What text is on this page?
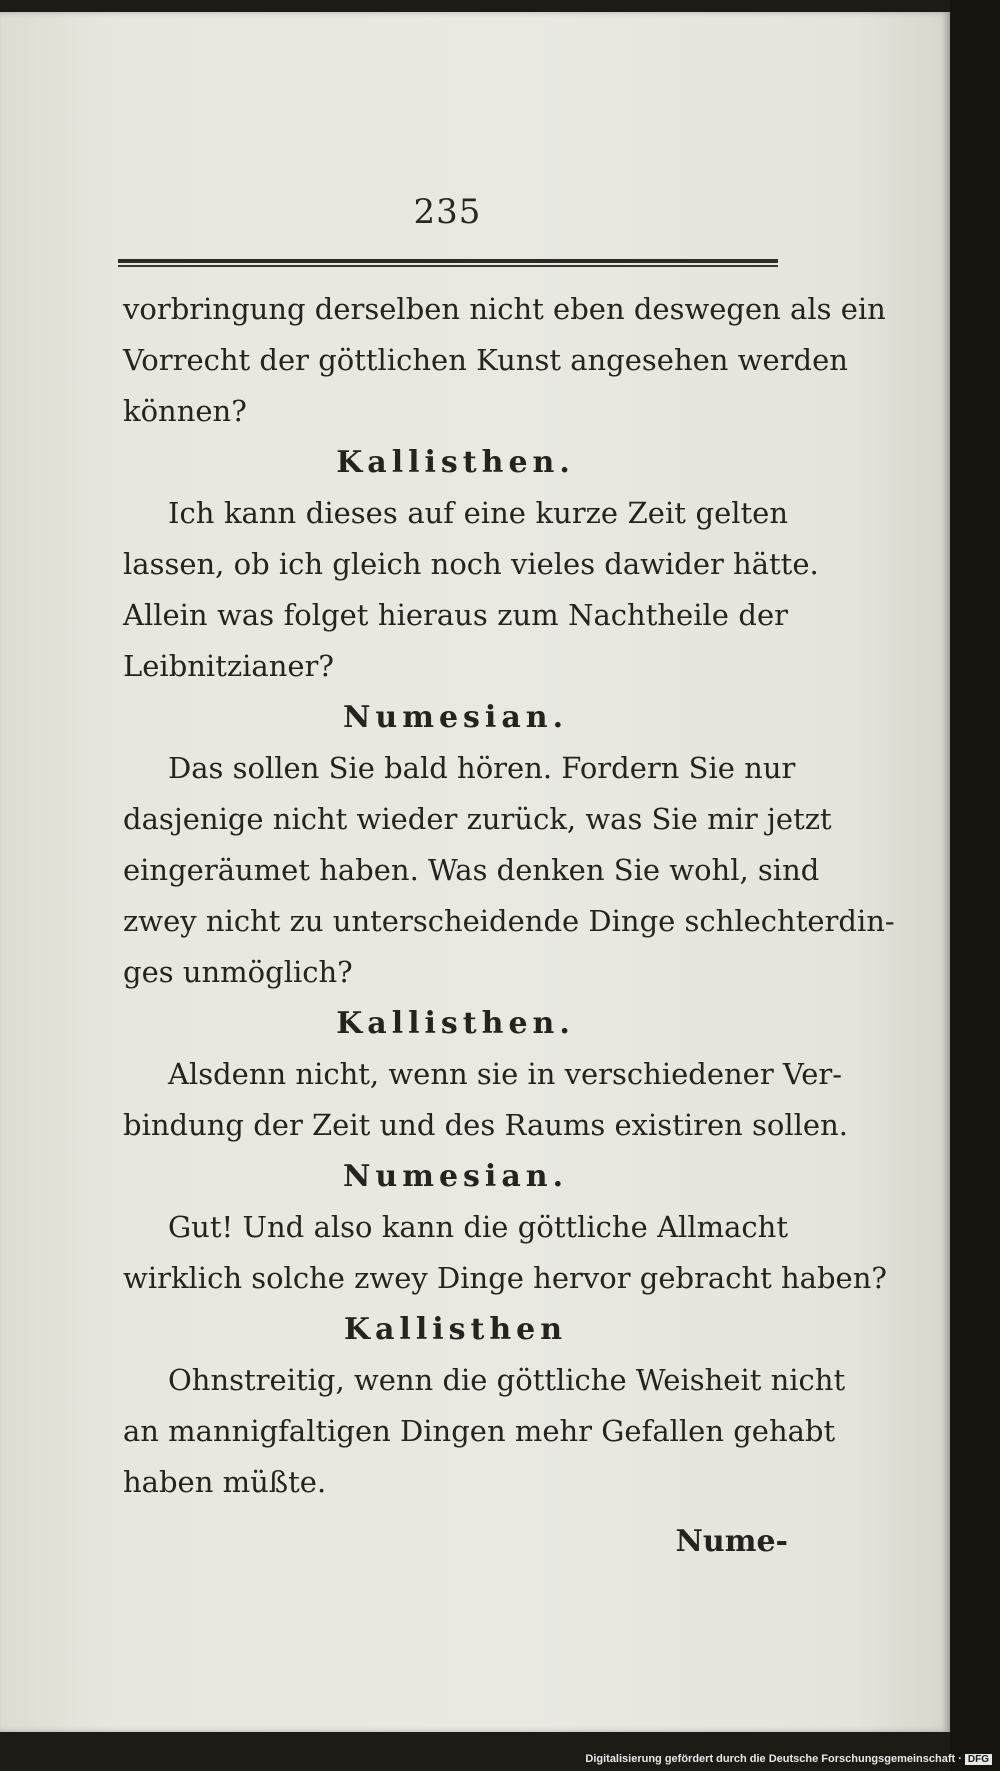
235
vorbringung derselben nicht eben deswegen als ein
Vorrecht der göttlichen Kunst angesehen werden
können?
Kallisthen.
Ich kann dieses auf eine kurze Zeit gelten
lassen, ob ich gleich noch vieles dawider hätte.
Allein was folget hieraus zum Nachtheile der
Leibnitzianer?
Numesian.
Das sollen Sie bald hören. Fordern Sie nur
dasjenige nicht wieder zurück, was Sie mir jetzt
eingeräumet haben. Was denken Sie wohl, sind
zwey nicht zu unterscheidende Dinge schlechterdin-
ges unmöglich?
Kallisthen.
Alsdenn nicht, wenn sie in verschiedener Ver-
bindung der Zeit und des Raums existiren sollen.
Numesian.
Gut! Und also kann die göttliche Allmacht
wirklich solche zwey Dinge hervor gebracht haben?
Kallisthen
Ohnstreitig, wenn die göttliche Weisheit nicht
an mannigfaltigen Dingen mehr Gefallen gehabt
haben müßte.
Nume-
Digitalisierung gefördert durch die Deutsche Forschungsgemeinschaft · DFG
